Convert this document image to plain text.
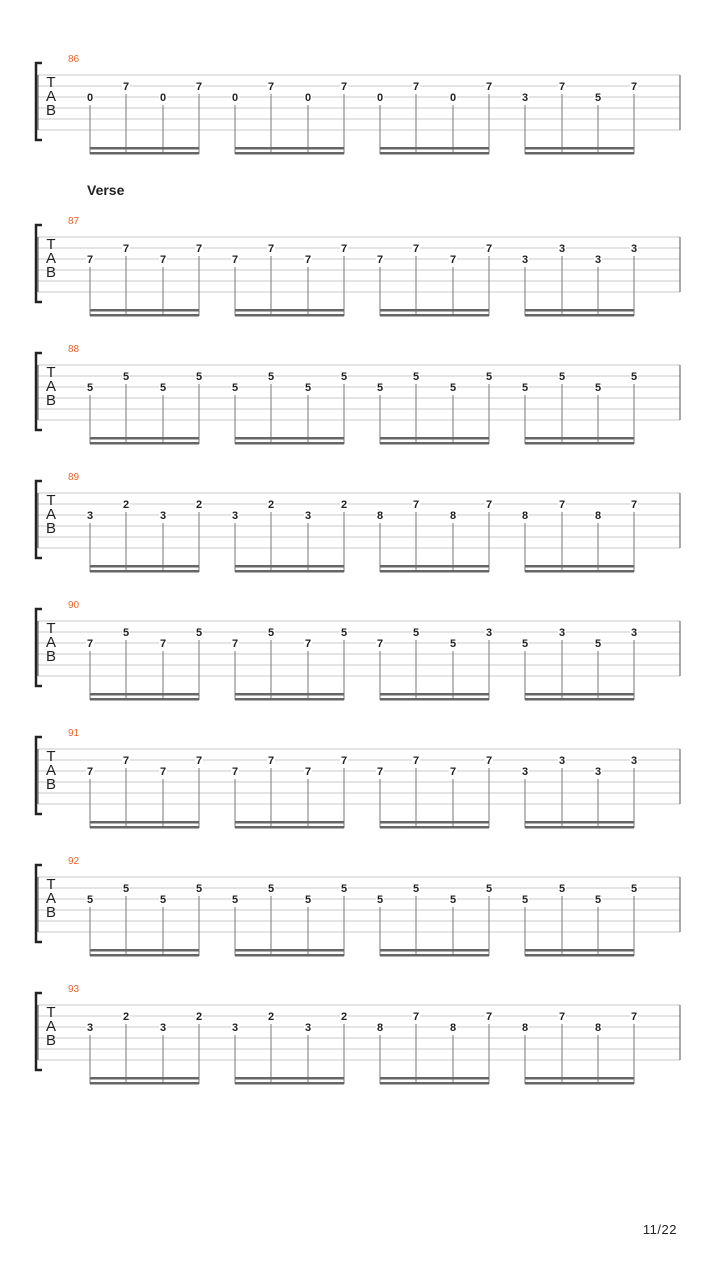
86
T
A
B
0
7
0
7
0
7
0
7
0
7
0
7
3
7
5
7
87
T
A
B
7
7
7
7
7
7
7
7
7
7
7
7
3
3
3
3
88
T
A
B
5
5
5
5
5
5
5
5
5
5
5
5
5
5
5
5
89
T
A
B
3
2
3
2
3
2
3
2
8
7
8
7
8
7
8
7
90
T
A
B
7
5
7
5
7
5
7
5
7
5
5
3
5
3
5
3
91
T
A
B
7
7
7
7
7
7
7
7
7
7
7
7
3
3
3
3
92
T
A
B
5
5
5
5
5
5
5
5
5
5
5
5
5
5
5
5
93
T
A
B
3
2
3
2
3
2
3
2
8
7
8
7
8
7
8
7
Verse
11/22
